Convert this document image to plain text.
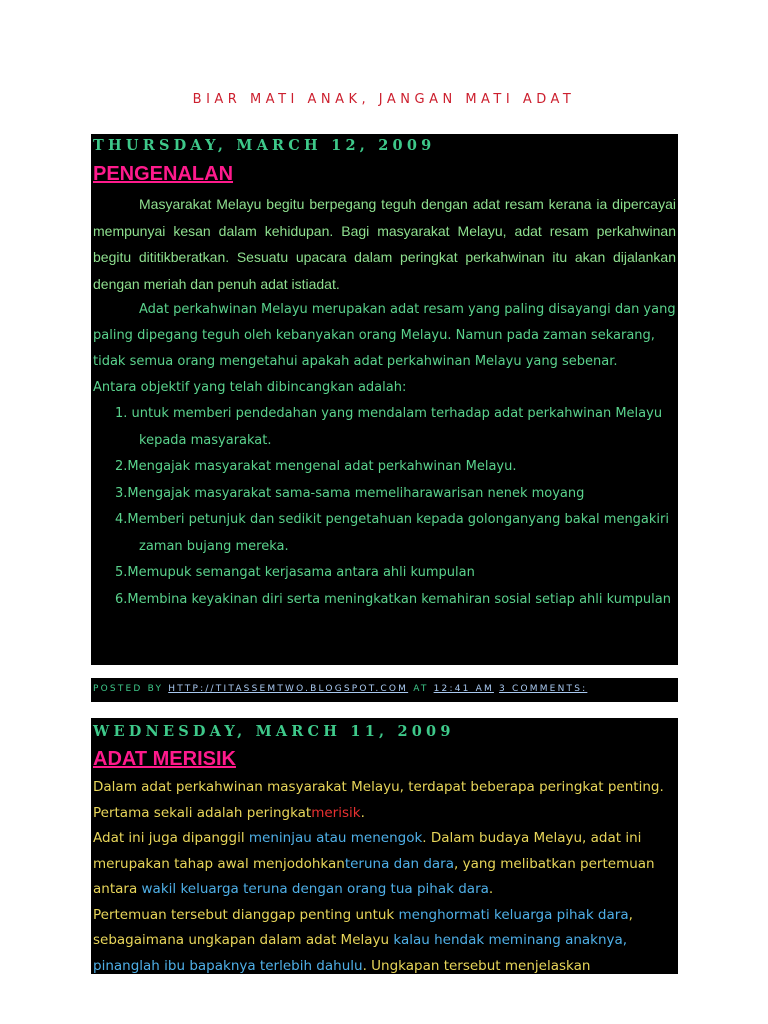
BIAR MATI ANAK, JANGAN MATI ADAT
THURSDAY, MARCH 12, 2009
PENGENALAN

Masyarakat Melayu begitu berpegang teguh dengan adat resam kerana ia dipercayai mempunyai kesan dalam kehidupan. Bagi masyarakat Melayu, adat resam perkahwinan begitu dititikberatkan. Sesuatu upacara dalam peringkat perkahwinan itu akan dijalankan dengan meriah dan penuh adat istiadat.

Adat perkahwinan Melayu merupakan adat resam yang paling disayangi dan yang paling dipegang teguh oleh kebanyakan orang Melayu. Namun pada zaman sekarang, tidak semua orang mengetahui apakah adat perkahwinan Melayu yang sebenar.

Antara objektif yang telah dibincangkan adalah:

1. untuk memberi pendedahan yang mendalam terhadap adat perkahwinan Melayu kepada masyarakat.
2.Mengajak masyarakat mengenal adat perkahwinan Melayu.
3.Mengajak masyarakat sama-sama memeliharawarisan nenek moyang
4.Memberi petunjuk dan sedikit pengetahuan kepada golonganyang bakal mengakiri zaman bujang mereka.
5.Memupuk semangat kerjasama antara ahli kumpulan
6.Membina keyakinan diri serta meningkatkan kemahiran sosial setiap ahli kumpulan
POSTED BY HTTP://TITASSEMTWO.BLOGSPOT.COM AT 12:41 AM 3 COMMENTS:
WEDNESDAY, MARCH 11, 2009
ADAT MERISIK

Dalam adat perkahwinan masyarakat Melayu, terdapat beberapa peringkat penting. Pertama sekali adalah peringkatmerisik.

Adat ini juga dipanggil meninjau atau menengok. Dalam budaya Melayu, adat ini merupakan tahap awal menjodohkanteruna dan dara, yang melibatkan pertemuan antara wakil keluarga teruna dengan orang tua pihak dara.

Pertemuan tersebut dianggap penting untuk menghormati keluarga pihak dara, sebagaimana ungkapan dalam adat Melayu kalau hendak meminang anaknya, pinanglah ibu bapaknya terlebih dahulu. Ungkapan tersebut menjelaskan
